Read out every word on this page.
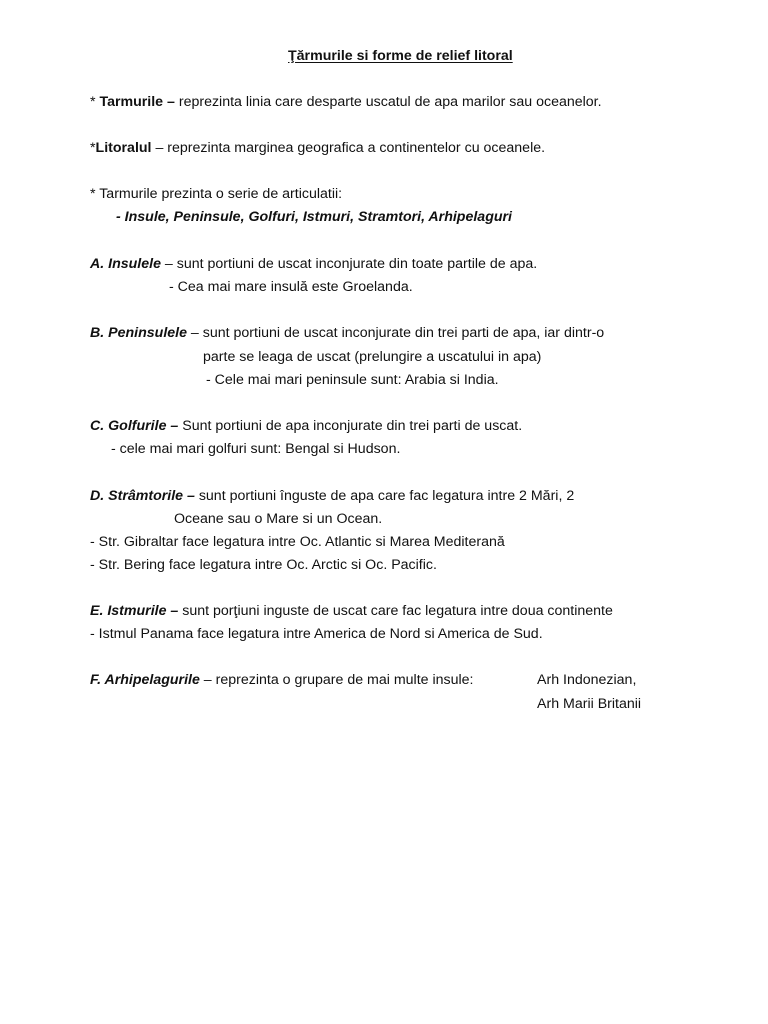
Ţărmurile si forme de relief litoral
* Tarmurile – reprezinta linia care desparte uscatul de apa marilor sau oceanelor.
*Litoralul – reprezinta marginea geografica a continentelor cu oceanele.
* Tarmurile prezinta o serie de articulatii:
- Insule, Peninsule, Golfuri, Istmuri, Stramtori, Arhipelaguri
A. Insulele – sunt portiuni de uscat inconjurate din toate partile de apa.
- Cea mai mare insulă este Groelanda.
B. Peninsulele – sunt portiuni de uscat inconjurate din trei parti de apa, iar dintr-o
parte se leaga de uscat (prelungire a uscatului in apa)
- Cele mai mari peninsule sunt: Arabia si India.
C. Golfurile – Sunt portiuni de apa inconjurate din trei parti de uscat.
- cele mai mari golfuri sunt: Bengal si Hudson.
D. Strâmtorile – sunt portiuni înguste de apa care fac legatura intre 2 Mări, 2
Oceane sau o Mare si un Ocean.
- Str. Gibraltar face legatura intre Oc. Atlantic si Marea Mediterană
- Str. Bering face legatura intre Oc. Arctic si Oc. Pacific.
E. Istmurile – sunt porţiuni inguste de uscat care fac legatura intre doua continente
- Istmul Panama face legatura intre America de Nord si America de Sud.
F. Arhipelagurile – reprezinta o grupare de mai multe insule:	Arh Indonezian,
Arh Marii Britanii
